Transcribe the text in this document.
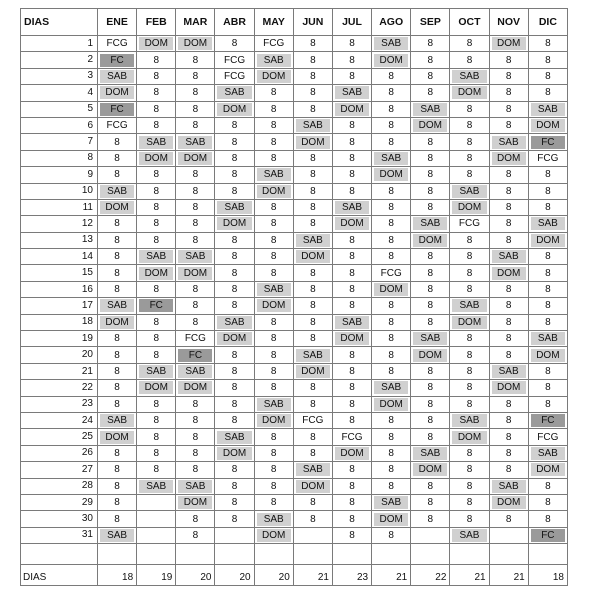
DIAS	ENE	FEB	MAR	ABR	MAY	JUN	JUL	AGO	SEP	OCT	NOV	DIC
1	FCG	DOM	DOM	8	FCG	8	8	SAB	8	8	DOM	8

2	FC	8	8	FCG	SAB	8	8	DOM	8	8	8	8

3	SAB	8	8	FCG	DOM	8	8	8	8	SAB	8	8

4	DOM	8	8	SAB	8	8	SAB	8	8	DOM	8	8

5	FC	8	8	DOM	8	8	DOM	8	SAB	8	8	SAB

6	FCG	8	8	8	8	SAB	8	8	DOM	8	8	DOM

7	8	SAB	SAB	8	8	DOM	8	8	8	8	SAB	FC

8	8	DOM	DOM	8	8	8	8	SAB	8	8	DOM	FCG

9	8	8	8	8	SAB	8	8	DOM	8	8	8	8

10	SAB	8	8	8	DOM	8	8	8	8	SAB	8	8

11	DOM	8	8	SAB	8	8	SAB	8	8	DOM	8	8

12	8	8	8	DOM	8	8	DOM	8	SAB	FCG	8	SAB

13	8	8	8	8	8	SAB	8	8	DOM	8	8	DOM

14	8	SAB	SAB	8	8	DOM	8	8	8	8	SAB	8

15	8	DOM	DOM	8	8	8	8	FCG	8	8	DOM	8

16	8	8	8	8	SAB	8	8	DOM	8	8	8	8

17	SAB	FC	8	8	DOM	8	8	8	8	SAB	8	8

18	DOM	8	8	SAB	8	8	SAB	8	8	DOM	8	8

19	8	8	FCG	DOM	8	8	DOM	8	SAB	8	8	SAB

20	8	8	FC	8	8	SAB	8	8	DOM	8	8	DOM

21	8	SAB	SAB	8	8	DOM	8	8	8	8	SAB	8

22	8	DOM	DOM	8	8	8	8	SAB	8	8	DOM	8

23	8	8	8	8	SAB	8	8	DOM	8	8	8	8

24	SAB	8	8	8	DOM	FCG	8	8	8	SAB	8	FC

25	DOM	8	8	SAB	8	8	FCG	8	8	DOM	8	FCG

26	8	8	8	DOM	8	8	DOM	8	SAB	8	8	SAB

27	8	8	8	8	8	SAB	8	8	DOM	8	8	DOM

28	8	SAB	SAB	8	8	DOM	8	8	8	8	SAB	8

29	8		DOM	8	8	8	8	SAB	8	8	DOM	8

30	8		8	8	SAB	8	8	DOM	8	8	8	8

31	SAB		8		DOM		8	8		SAB		FC

DIAS	18	19	20	20	20	21	23	21	22	21	21	18
